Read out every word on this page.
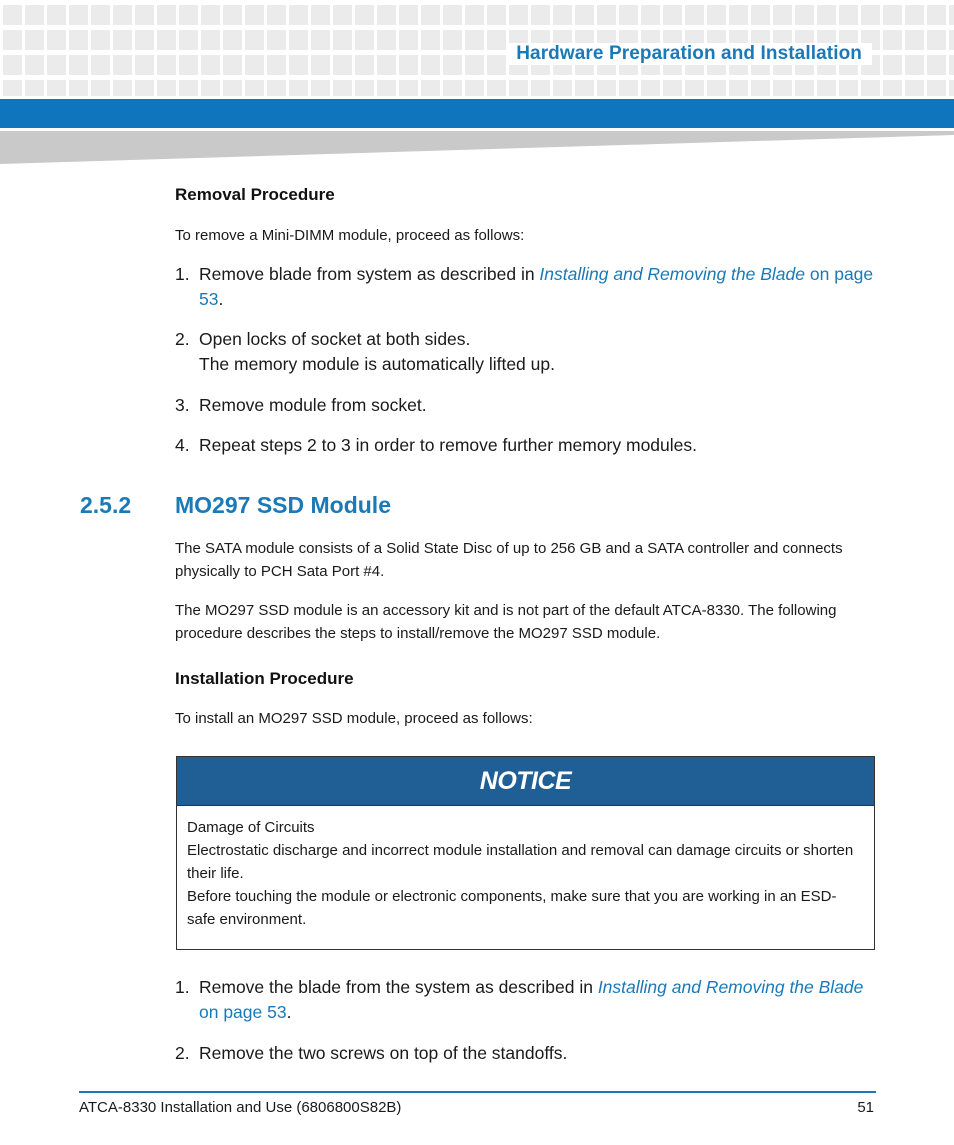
Hardware Preparation and Installation
Removal Procedure
To remove a Mini-DIMM module, proceed as follows:
1. Remove blade from system as described in Installing and Removing the Blade on page 53.
2. Open locks of socket at both sides.
The memory module is automatically lifted up.
3. Remove module from socket.
4. Repeat steps 2 to 3 in order to remove further memory modules.
2.5.2 MO297 SSD Module
The SATA module consists of a Solid State Disc of up to 256 GB and a SATA controller and connects physically to PCH Sata Port #4.
The MO297 SSD module is an accessory kit and is not part of the default ATCA-8330. The following procedure describes the steps to install/remove the MO297 SSD module.
Installation Procedure
To install an MO297 SSD module, proceed as follows:
NOTICE
Damage of Circuits
Electrostatic discharge and incorrect module installation and removal can damage circuits or shorten their life.
Before touching the module or electronic components, make sure that you are working in an ESD-safe environment.
1. Remove the blade from the system as described in Installing and Removing the Blade
on page 53.
2. Remove the two screws on top of the standoffs.
ATCA-8330 Installation and Use (6806800S82B)	51
